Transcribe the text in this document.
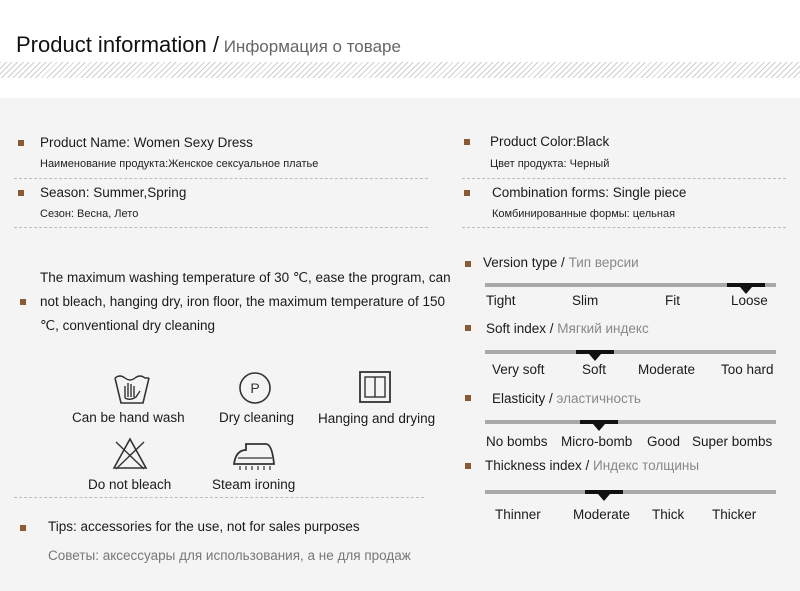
Product information / Информация о товаре
Product Name: Women Sexy Dress
Наименование продукта:Женское сексуальное платье
Season: Summer,Spring
Сезон: Весна, Лето
Product Color:Black
Цвет продукта: Черный
Combination forms: Single piece
Комбинированные формы: цельная
The maximum washing temperature of 30 ℃, ease the program, can not bleach, hanging dry, iron floor, the maximum temperature of 150 ℃, conventional dry cleaning
P
Can be hand wash	Dry cleaning Hanging and drying
Do not bleach	Steam ironing
Tips: accessories for the use, not for sales purposes
Советы: аксессуары для использования, а не для продаж
Version type / Тип версии
Tight	Slim	Fit	Loose
Soft index / Мягкий индекс
Very soft	Soft Moderate Too hard
Elasticity / эластичность
No bombs Micro-bomb Good Super bombs
Thickness index / Индекс толщины
Thinner Moderate Thick Thicker
